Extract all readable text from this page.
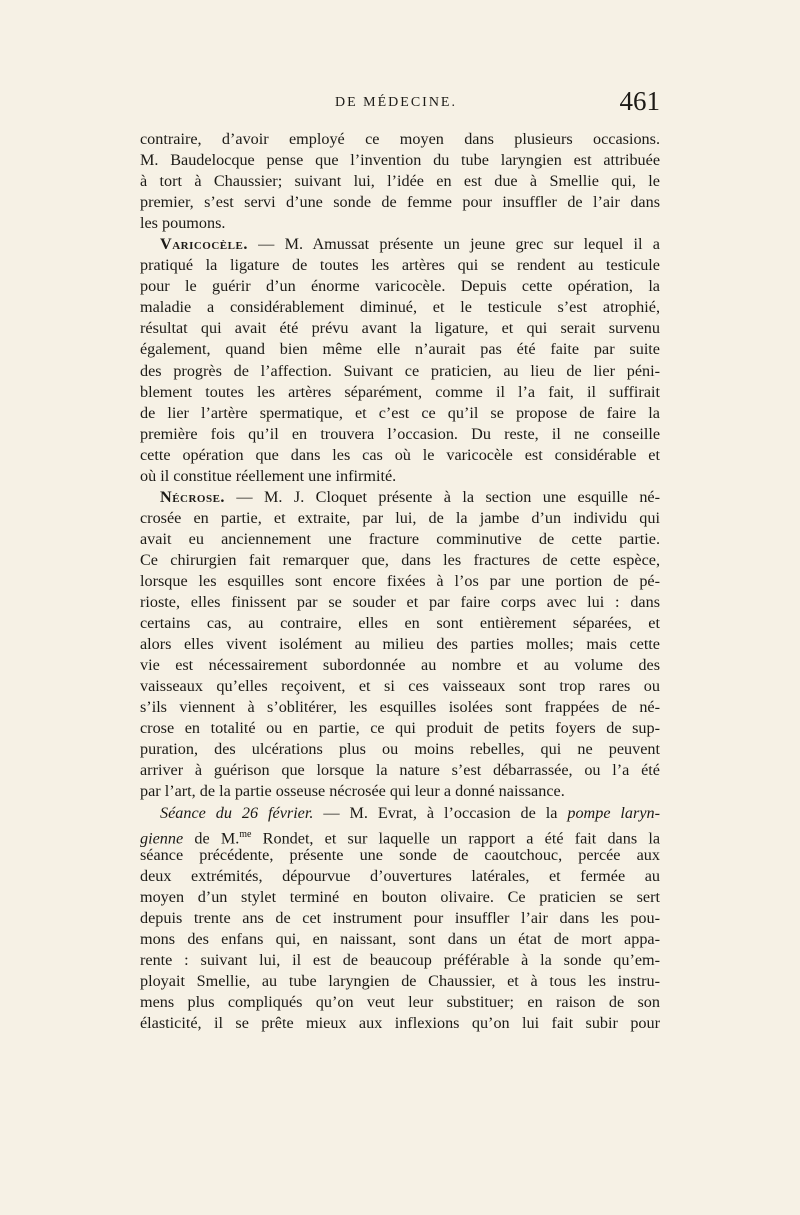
DE MÉDECINE.	461
contraire, d’avoir employé ce moyen dans plusieurs occasions.
M. Baudelocque pense que l’invention du tube laryngien est attribuée
à tort à Chaussier; suivant lui, l’idée en est due à Smellie qui, le
premier, s’est servi d’une sonde de femme pour insuffler de l’air dans
les poumons.
Varicocèle. — M. Amussat présente un jeune grec sur lequel il a
pratiqué la ligature de toutes les artères qui se rendent au testicule
pour le guérir d’un énorme varicocèle. Depuis cette opération, la
maladie a considérablement diminué, et le testicule s’est atrophié,
résultat qui avait été prévu avant la ligature, et qui serait survenu
également, quand bien même elle n’aurait pas été faite par suite
des progrès de l’affection. Suivant ce praticien, au lieu de lier péni-
blement toutes les artères séparément, comme il l’a fait, il suffirait
de lier l’artère spermatique, et c’est ce qu’il se propose de faire la
première fois qu’il en trouvera l’occasion. Du reste, il ne conseille
cette opération que dans les cas où le varicocèle est considérable et
où il constitue réellement une infirmité.
Nécrose. — M. J. Cloquet présente à la section une esquille né-
crosée en partie, et extraite, par lui, de la jambe d’un individu qui
avait eu anciennement une fracture comminutive de cette partie.
Ce chirurgien fait remarquer que, dans les fractures de cette espèce,
lorsque les esquilles sont encore fixées à l’os par une portion de pé-
rioste, elles finissent par se souder et par faire corps avec lui : dans
certains cas, au contraire, elles en sont entièrement séparées, et
alors elles vivent isolément au milieu des parties molles; mais cette
vie est nécessairement subordonnée au nombre et au volume des
vaisseaux qu’elles reçoivent, et si ces vaisseaux sont trop rares ou
s’ils viennent à s’oblitérer, les esquilles isolées sont frappées de né-
crose en totalité ou en partie, ce qui produit de petits foyers de sup-
puration, des ulcérations plus ou moins rebelles, qui ne peuvent
arriver à guérison que lorsque la nature s’est débarrassée, ou l’a été
par l’art, de la partie osseuse nécrosée qui leur a donné naissance.
Séance du 26 février. — M. Evrat, à l’occasion de la pompe laryn-
gienne de M.$^{me}$ Rondet, et sur laquelle un rapport a été fait dans la
séance précédente, présente une sonde de caoutchouc, percée aux
deux extrémités, dépourvue d’ouvertures latérales, et fermée au
moyen d’un stylet terminé en bouton olivaire. Ce praticien se sert
depuis trente ans de cet instrument pour insuffler l’air dans les pou-
mons des enfans qui, en naissant, sont dans un état de mort appa-
rente : suivant lui, il est de beaucoup préférable à la sonde qu’em-
ployait Smellie, au tube laryngien de Chaussier, et à tous les instru-
mens plus compliqués qu’on veut leur substituer; en raison de son
élasticité, il se prête mieux aux inflexions qu’on lui fait subir pour
